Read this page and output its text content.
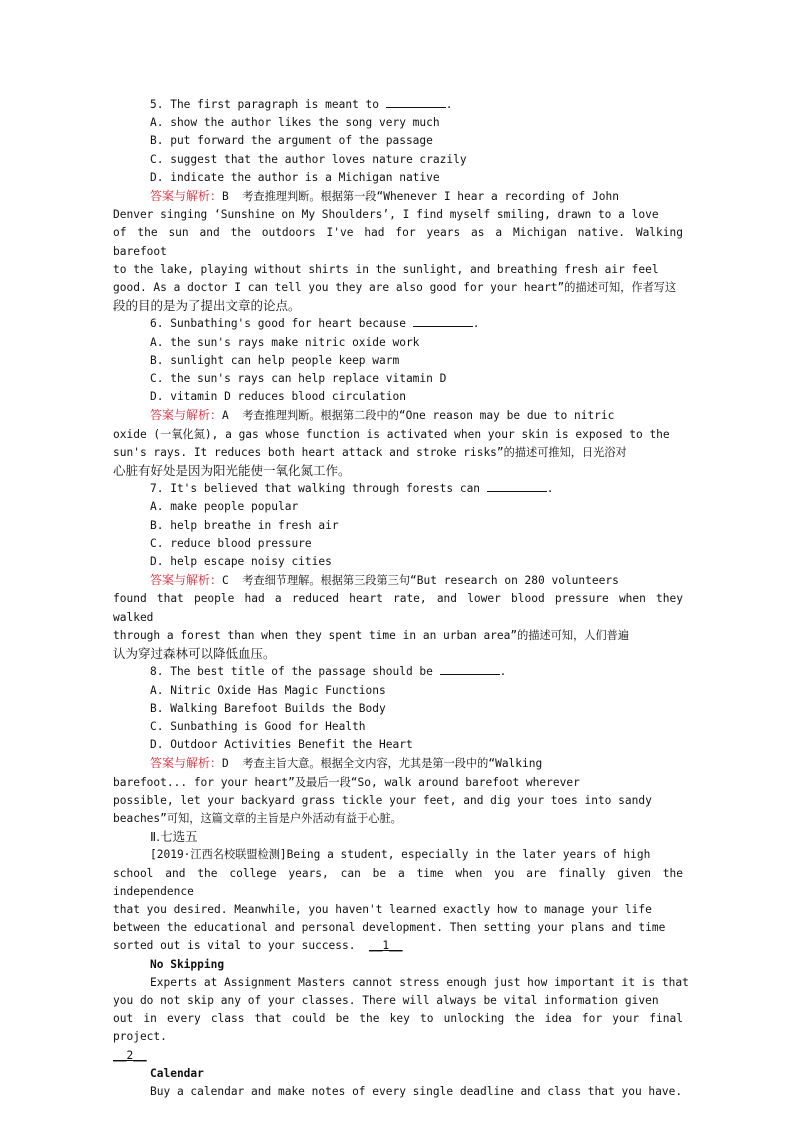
5. The first paragraph is meant to	.
A. show the author likes the song very much
B. put forward the argument of the passage
C. suggest that the author loves nature crazily
D. indicate the author is a Michigan native
答案与解析：B  考查推理判断。根据第一段“Whenever I hear a recording of John
Denver singing ‘Sunshine on My Shoulders’, I find myself smiling, drawn to a love
of the sun and the outdoors I've had for years as a Michigan native. Walking barefoot
to the lake, playing without shirts in the sunlight, and breathing fresh air feel
good. As a doctor I can tell you they are also good for your heart”的描述可知，作者写这
段的目的是为了提出文章的论点。
6. Sunbathing's good for heart because	.
A. the sun's rays make nitric oxide work
B. sunlight can help people keep warm
C. the sun's rays can help replace vitamin D
D. vitamin D reduces blood circulation
答案与解析：A  考查推理判断。根据第二段中的“One reason may be due to nitric
oxide (一氧化氮), a gas whose function is activated when your skin is exposed to the
sun's rays. It reduces both heart attack and stroke risks”的描述可推知，日光浴对
心脏有好处是因为阳光能使一氧化氮工作。
7. It's believed that walking through forests can	.
A. make people popular
B. help breathe in fresh air
C. reduce blood pressure
D. help escape noisy cities
答案与解析：C  考查细节理解。根据第三段第三句“But research on 280 volunteers
found that people had a reduced heart rate, and lower blood pressure when they walked
through a forest than when they spent time in an urban area”的描述可知，人们普遍
认为穿过森林可以降低血压。
8. The best title of the passage should be	.
A. Nitric Oxide Has Magic Functions
B. Walking Barefoot Builds the Body
C. Sunbathing is Good for Health
D. Outdoor Activities Benefit the Heart
答案与解析：D  考查主旨大意。根据全文内容，尤其是第一段中的“Walking
barefoot... for your heart”及最后一段“So, walk around barefoot wherever
possible, let your backyard grass tickle your feet, and dig your toes into sandy
beaches”可知，这篇文章的主旨是户外活动有益于心脏。
Ⅱ.七选五
[2019·江西名校联盟检测]Being a student, especially in the later years of high
school and the college years, can be a time when you are finally given the independence
that you desired. Meanwhile, you haven't learned exactly how to manage your life
between the educational and personal development. Then setting your plans and time
sorted out is vital to your success.  __1__
No Skipping
Experts at Assignment Masters cannot stress enough just how important it is that
you do not skip any of your classes. There will always be vital information given
out in every class that could be the key to unlocking the idea for your final project.
__2__
Calendar
Buy a calendar and make notes of every single deadline and class that you have.
